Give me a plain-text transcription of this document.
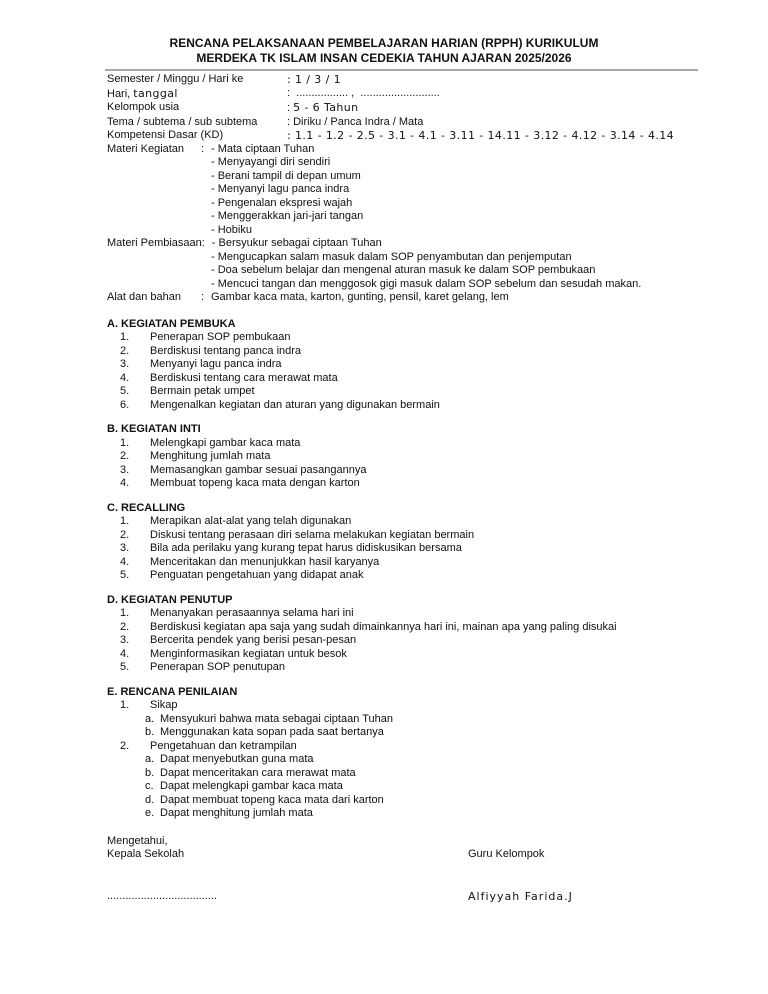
RENCANA PELAKSANAAN PEMBELAJARAN HARIAN (RPPH) KURIKULUM
MERDEKA TK ISLAM INSAN CEDEKIA TAHUN AJARAN 2025/2026
Semester / Minggu / Hari ke	: 1 / 3 / 1
Hari, tanggal	:  ................. ,  ..........................
Kelompok usia	: 5 - 6 Tahun
Tema / subtema / sub subtema	: Diriku / Panca Indra / Mata
Kompetensi Dasar (KD)	: 1.1 - 1.2 - 2.5 - 3.1 - 4.1 - 3.11 - 14.11 - 3.12 - 4.12 - 3.14 - 4.14
Materi Kegiatan	: - Mata ciptaan Tuhan
- Menyayangi diri sendiri
- Berani tampil di depan umum
- Menyanyi lagu panca indra
- Pengenalan ekspresi wajah
- Menggerakkan jari-jari tangan
- Hobiku
Materi Pembiasaan : - Bersyukur sebagai ciptaan Tuhan
- Mengucapkan salam masuk dalam SOP penyambutan dan penjemputan
- Doa sebelum belajar dan mengenal aturan masuk ke dalam SOP pembukaan
- Mencuci tangan dan menggosok gigi masuk dalam SOP sebelum dan sesudah makan.
Alat dan bahan	: Gambar kaca mata, karton, gunting, pensil, karet gelang, lem
A. KEGIATAN PEMBUKA
1.	Penerapan SOP pembukaan
2.	Berdiskusi tentang panca indra
3.	Menyanyi lagu panca indra
4.	Berdiskusi tentang cara merawat mata
5.	Bermain petak umpet
6.	Mengenalkan kegiatan dan aturan yang digunakan bermain
B. KEGIATAN INTI
1.	Melengkapi gambar kaca mata
2.	Menghitung jumlah mata
3.	Memasangkan gambar sesuai pasangannya
4.	Membuat topeng kaca mata dengan karton
C. RECALLING
1.	Merapikan alat-alat yang telah digunakan
2.	Diskusi tentang perasaan diri selama melakukan kegiatan bermain
3.	Bila ada perilaku yang kurang tepat harus didiskusikan bersama
4.	Menceritakan dan menunjukkan hasil karyanya
5.	Penguatan pengetahuan yang didapat anak
D. KEGIATAN PENUTUP
1.	Menanyakan perasaannya selama hari ini
2.	Berdiskusi kegiatan apa saja yang sudah dimainkannya hari ini, mainan apa yang paling disukai
3.	Bercerita pendek yang berisi pesan-pesan
4.	Menginformasikan kegiatan untuk besok
5.	Penerapan SOP penutupan
E. RENCANA PENILAIAN
1.	Sikap
a. Mensyukuri bahwa mata sebagai ciptaan Tuhan
b. Menggunakan kata sopan pada saat bertanya
2.	Pengetahuan dan ketrampilan
a. Dapat menyebutkan guna mata
b. Dapat menceritakan cara merawat mata
c. Dapat melengkapi gambar kaca mata
d. Dapat membuat topeng kaca mata dari karton
e. Dapat menghitung jumlah mata
Mengetahui,
Kepala Sekolah	Guru Kelompok
....................................	Alfiyyah Farida.J
